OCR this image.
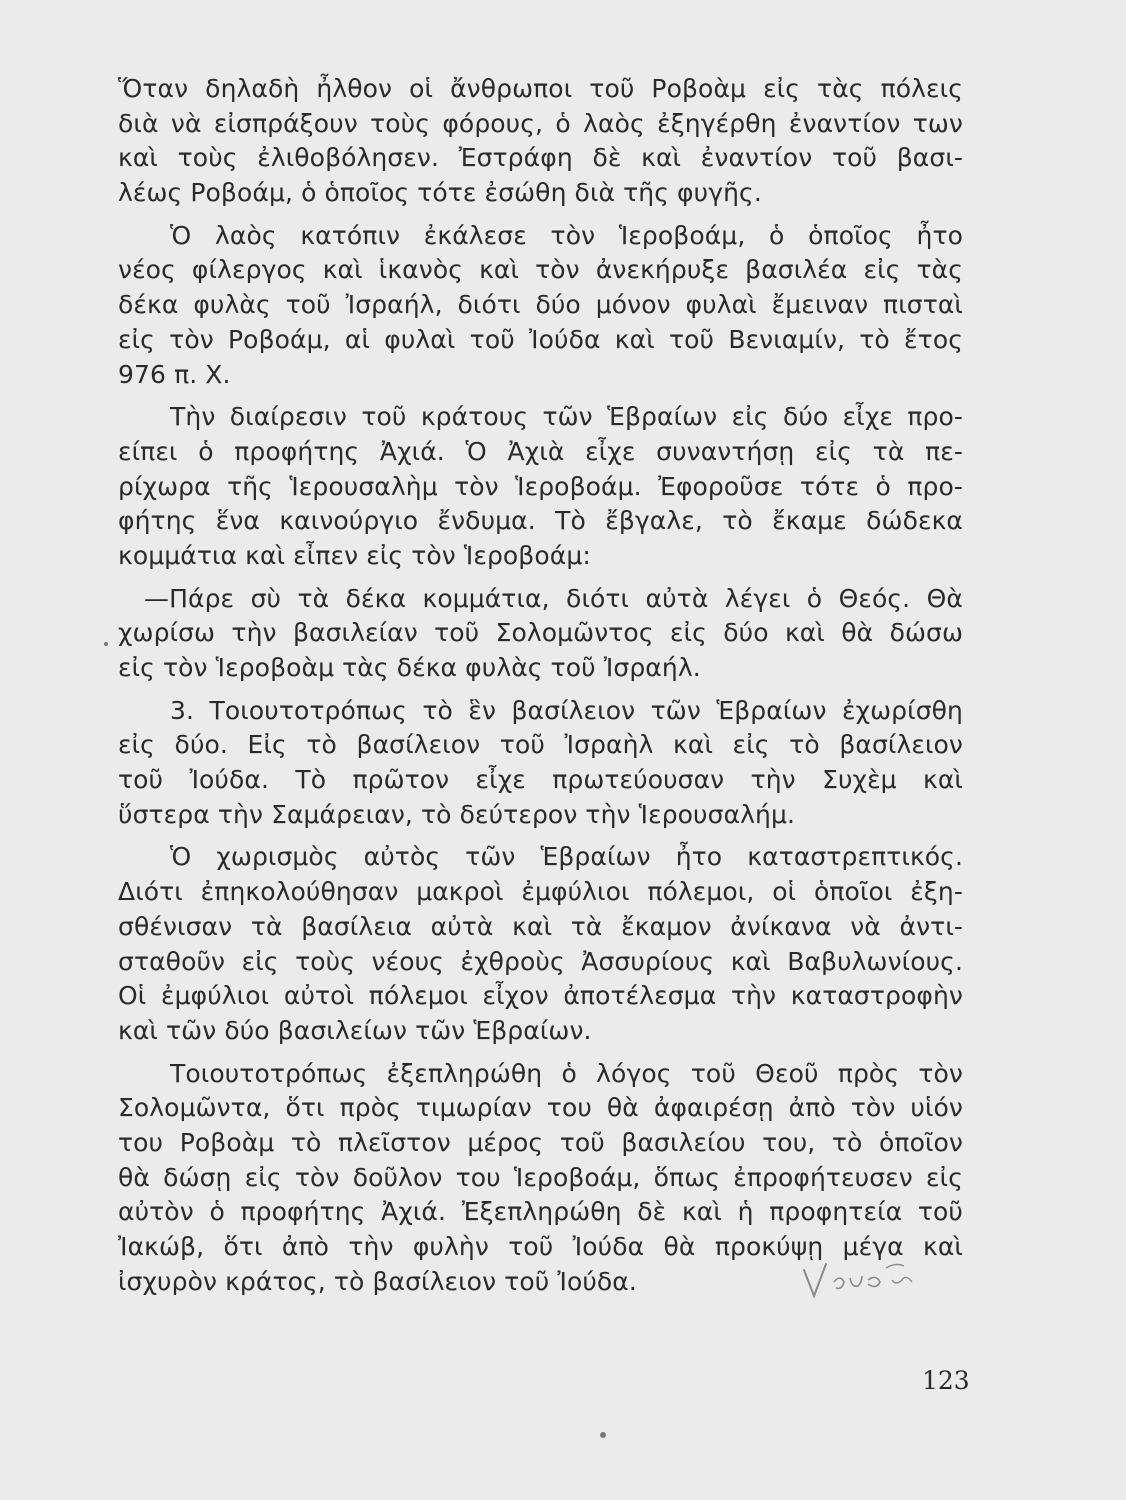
Ὅταν δηλαδὴ ἦλθον οἱ ἄνθρωποι τοῦ Ροβοὰμ εἰς τὰς πόλεις
διὰ νὰ εἰσπράξουν τοὺς φόρους, ὁ λαὸς ἐξηγέρθη ἐναντίον των
καὶ τοὺς ἐλιθοβόλησεν. Ἐστράφη δὲ καὶ ἐναντίον τοῦ βασι-
λέως Ροβοάμ, ὁ ὁποῖος τότε ἐσώθη διὰ τῆς φυγῆς.
Ὁ λαὸς κατόπιν ἐκάλεσε τὸν Ἱεροβοάμ, ὁ ὁποῖος ἦτο
νέος φίλεργος καὶ ἱκανὸς καὶ τὸν ἀνεκήρυξε βασιλέα εἰς τὰς
δέκα φυλὰς τοῦ Ἰσραήλ, διότι δύο μόνον φυλαὶ ἔμειναν πισταὶ
εἰς τὸν Ροβοάμ, αἱ φυλαὶ τοῦ Ἰούδα καὶ τοῦ Βενιαμίν, τὸ ἔτος
976 π. Χ.
Τὴν διαίρεσιν τοῦ κράτους τῶν Ἑβραίων εἰς δύο εἶχε προ-
είπει ὁ προφήτης Ἀχιά. Ὁ Ἀχιὰ εἶχε συναντήσῃ εἰς τὰ πε-
ρίχωρα τῆς Ἱερουσαλὴμ τὸν Ἱεροβοάμ. Ἐφοροῦσε τότε ὁ προ-
φήτης ἕνα καινούργιο ἔνδυμα. Τὸ ἔβγαλε, τὸ ἔκαμε δώδεκα
κομμάτια καὶ εἶπεν εἰς τὸν Ἱεροβοάμ:
—Πάρε σὺ τὰ δέκα κομμάτια, διότι αὐτὰ λέγει ὁ Θεός. Θὰ
χωρίσω τὴν βασιλείαν τοῦ Σολομῶντος εἰς δύο καὶ θὰ δώσω
εἰς τὸν Ἱεροβοὰμ τὰς δέκα φυλὰς τοῦ Ἰσραήλ.
3. Τοιουτοτρόπως τὸ ἓν βασίλειον τῶν Ἑβραίων ἐχωρίσθη
εἰς δύο. Εἰς τὸ βασίλειον τοῦ Ἰσραὴλ καὶ εἰς τὸ βασίλειον
τοῦ Ἰούδα. Τὸ πρῶτον εἶχε πρωτεύουσαν τὴν Συχὲμ καὶ
ὕστερα τὴν Σαμάρειαν, τὸ δεύτερον τὴν Ἱερουσαλήμ.
Ὁ χωρισμὸς αὐτὸς τῶν Ἑβραίων ἦτο καταστρεπτικός.
Διότι ἐπηκολούθησαν μακροὶ ἐμφύλιοι πόλεμοι, οἱ ὁποῖοι ἐξη-
σθένισαν τὰ βασίλεια αὐτὰ καὶ τὰ ἔκαμον ἀνίκανα νὰ ἀντι-
σταθοῦν εἰς τοὺς νέους ἐχθροὺς Ἀσσυρίους καὶ Βαβυλωνίους.
Οἱ ἐμφύλιοι αὐτοὶ πόλεμοι εἶχον ἀποτέλεσμα τὴν καταστροφὴν
καὶ τῶν δύο βασιλείων τῶν Ἑβραίων.
Τοιουτοτρόπως ἐξεπληρώθη ὁ λόγος τοῦ Θεοῦ πρὸς τὸν
Σολομῶντα, ὅτι πρὸς τιμωρίαν του θὰ ἀφαιρέσῃ ἀπὸ τὸν υἱόν
του Ροβοὰμ τὸ πλεῖστον μέρος τοῦ βασιλείου του, τὸ ὁποῖον
θὰ δώσῃ εἰς τὸν δοῦλον του Ἱεροβοάμ, ὅπως ἐπροφήτευσεν εἰς
αὐτὸν ὁ προφήτης Ἀχιά. Ἐξεπληρώθη δὲ καὶ ἡ προφητεία τοῦ
Ἰακώβ, ὅτι ἀπὸ τὴν φυλὴν τοῦ Ἰούδα θὰ προκύψῃ μέγα καὶ
ἰσχυρὸν κράτος, τὸ βασίλειον τοῦ Ἰούδα.
123
